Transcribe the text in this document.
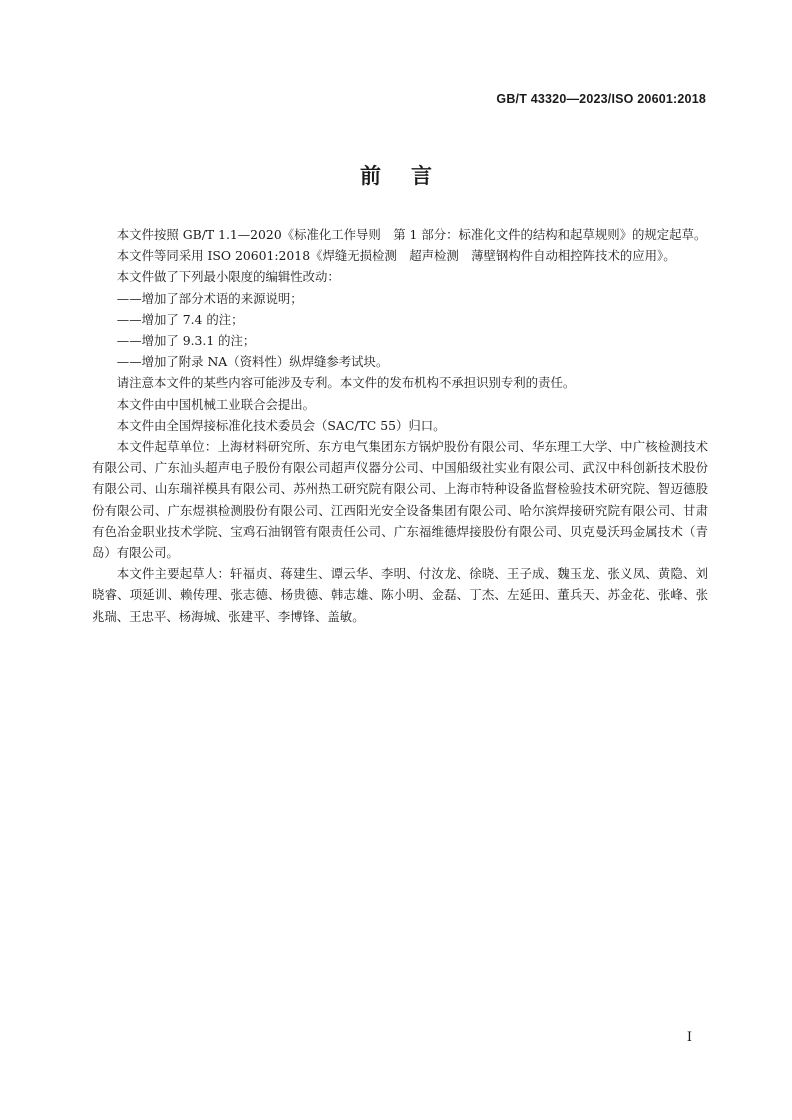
GB/T 43320—2023/ISO 20601:2018
前言

本文件按照 GB/T 1.1—2020《标准化工作导则　第 1 部分：标准化文件的结构和起草规则》的规定起草。

本文件等同采用 ISO 20601:2018《焊缝无损检测　超声检测　薄壁钢构件自动相控阵技术的应用》。

本文件做了下列最小限度的编辑性改动：

——增加了部分术语的来源说明；

——增加了 7.4 的注；

——增加了 9.3.1 的注；

——增加了附录 NA（资料性）纵焊缝参考试块。

请注意本文件的某些内容可能涉及专利。本文件的发布机构不承担识别专利的责任。

本文件由中国机械工业联合会提出。

本文件由全国焊接标准化技术委员会（SAC/TC 55）归口。

本文件起草单位：上海材料研究所、东方电气集团东方锅炉股份有限公司、华东理工大学、中广核检测技术有限公司、广东汕头超声电子股份有限公司超声仪器分公司、中国船级社实业有限公司、武汉中科创新技术股份有限公司、山东瑞祥模具有限公司、苏州热工研究院有限公司、上海市特种设备监督检验技术研究院、智迈德股份有限公司、广东煜祺检测股份有限公司、江西阳光安全设备集团有限公司、哈尔滨焊接研究院有限公司、甘肃有色冶金职业技术学院、宝鸡石油钢管有限责任公司、广东福维德焊接股份有限公司、贝克曼沃玛金属技术（青岛）有限公司。

本文件主要起草人：轩福贞、蒋建生、谭云华、李明、付汝龙、徐晓、王子成、魏玉龙、张义凤、黄隐、刘晓睿、项延训、赖传理、张志德、杨贵德、韩志雄、陈小明、金磊、丁杰、左延田、董兵天、苏金花、张峰、张兆瑞、王忠平、杨海城、张建平、李博锋、盖敏。

I
